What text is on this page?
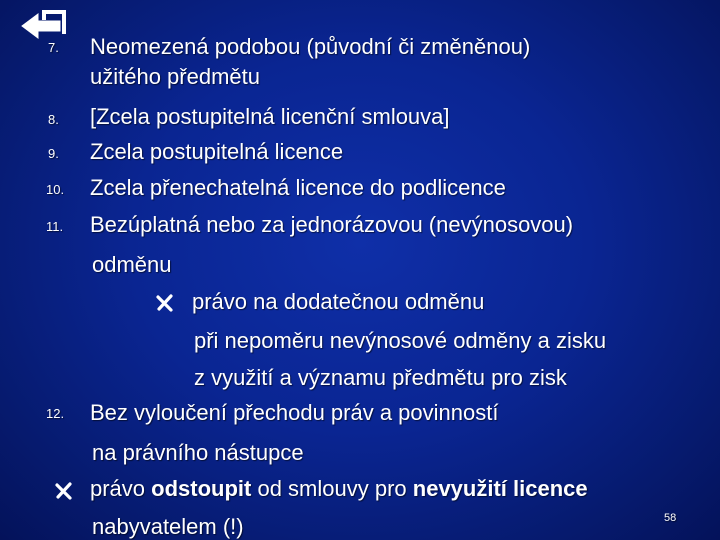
7. Neomezená podobou (původní či změněnou)
užitého předmětu
8. [Zcela postupitelná licenční smlouva]
9. Zcela postupitelná licence
10. Zcela přenechatelná licence do podlicence
11. Bezúplatná nebo za jednorázovou (nevýnosovou)
odměnu
právo na dodatečnou odměnu
při nepoměru nevýnosové odměny a zisku
z využití a významu předmětu pro zisk
12. Bez vyloučení přechodu práv a povinností
na právního nástupce
právo odstoupit od smlouvy pro nevyužití licence
nabyvatelem (!)	58
